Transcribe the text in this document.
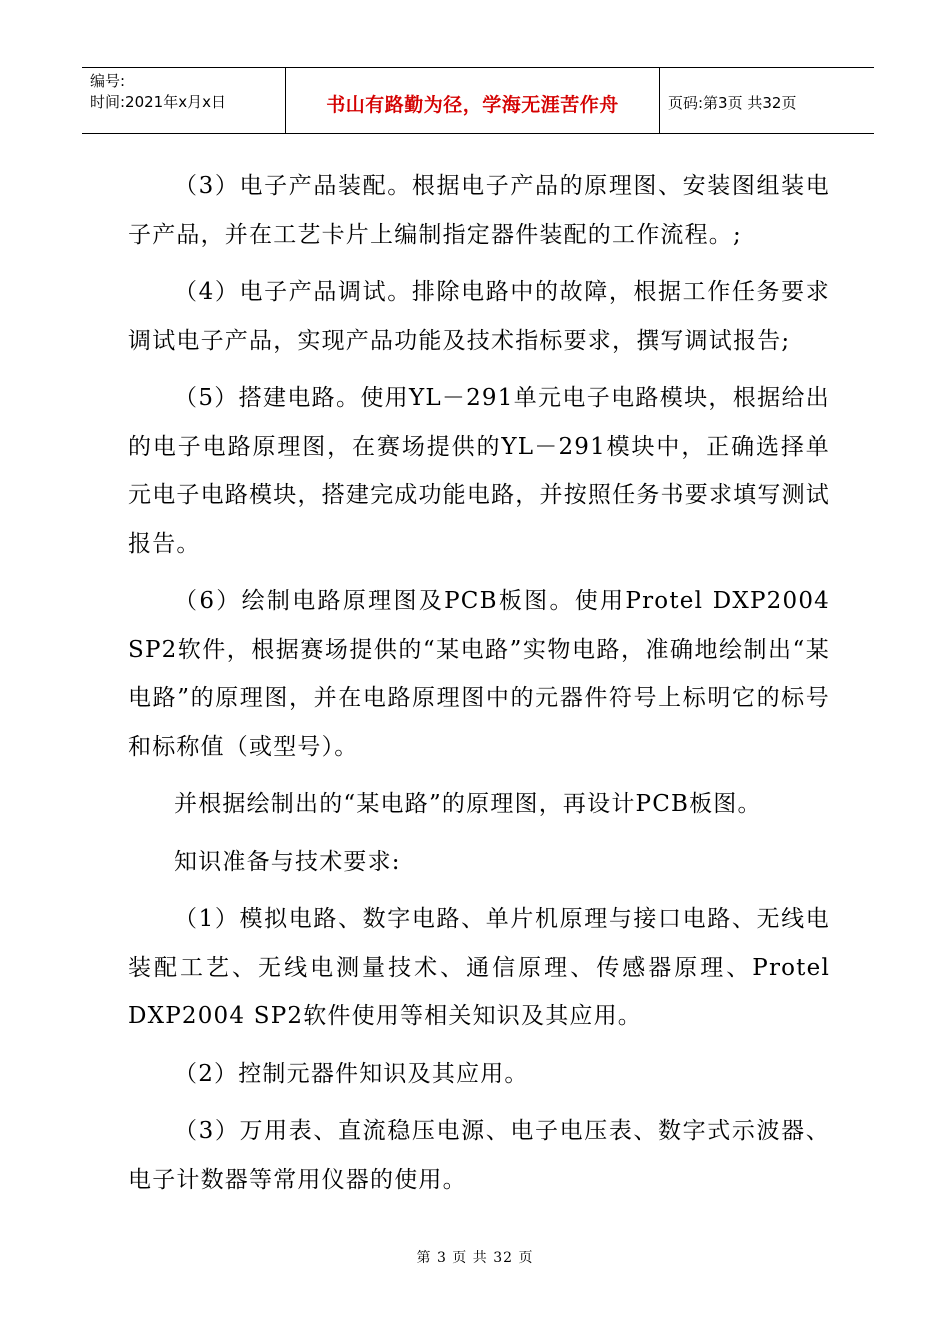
编号:
时间:2021年x月x日	书山有路勤为径，学海无涯苦作舟	页码:第3页 共32页

（3）电子产品装配。根据电子产品的原理图、安装图组装电子产品，并在工艺卡片上编制指定器件装配的工作流程。;

（4）电子产品调试。排除电路中的故障，根据工作任务要求调试电子产品，实现产品功能及技术指标要求，撰写调试报告;

（5）搭建电路。使用YL－291单元电子电路模块，根据给出的电子电路原理图，在赛场提供的YL－291模块中，正确选择单元电子电路模块，搭建完成功能电路，并按照任务书要求填写测试报告。

（6）绘制电路原理图及PCB板图。使用Protel DXP2004 SP2软件，根据赛场提供的“某电路”实物电路，准确地绘制出“某电路”的原理图，并在电路原理图中的元器件符号上标明它的标号和标称值（或型号）。

并根据绘制出的“某电路”的原理图，再设计PCB板图。

知识准备与技术要求:

（1）模拟电路、数字电路、单片机原理与接口电路、无线电装配工艺、无线电测量技术、通信原理、传感器原理、Protel DXP2004 SP2软件使用等相关知识及其应用。

（2）控制元器件知识及其应用。

（3）万用表、直流稳压电源、电子电压表、数字式示波器、电子计数器等常用仪器的使用。

第 3 页 共 32 页
